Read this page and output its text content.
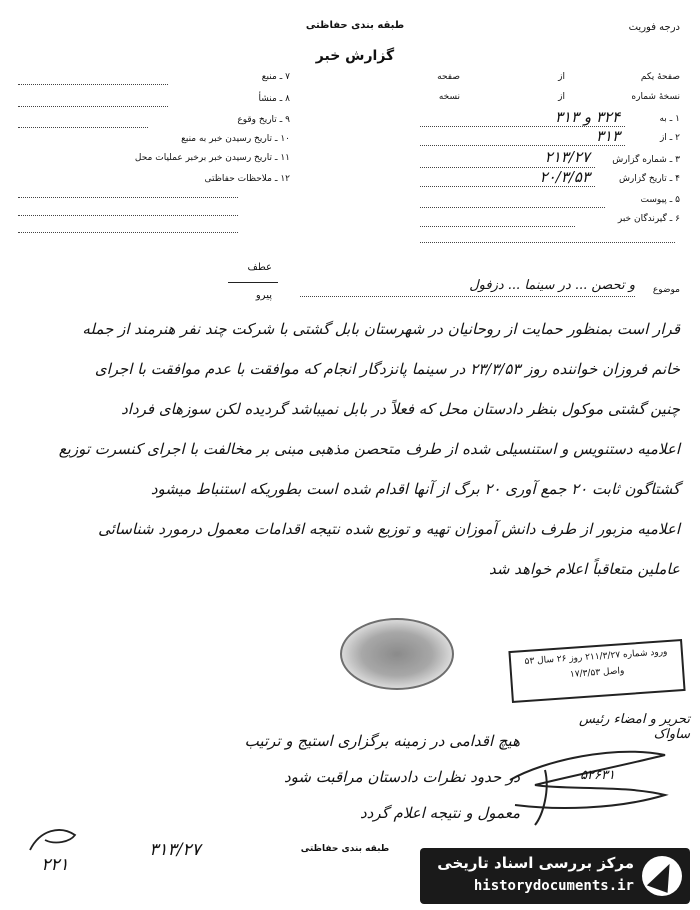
طبقه بندی حفاظتی	درجه فوریت
گزارش خبر
۷ ـ منبع
۸ ـ منشأ
۹ ـ تاریخ وقوع
۱۰ ـ تاریخ رسیدن خبر به منبع
۱۱ ـ تاریخ رسیدن خبر برخبر عملیات محل
۱۲ ـ ملاحظات حفاظتی
صفحهٔ یکم
از
صفحه
نسخهٔ شماره
از
نسخه
۱ ـ به
۳۲۴ و ۳۱۳
۲ ـ از
۳۱۳
۳ ـ شماره گزارش
۲۱۳/۲۷
۴ ـ تاریخ گزارش
۲۰/۳/۵۳
۵ ـ پیوست
۶ ـ گیرندگان خبر
موضوع
و تحصن ... در سینما ... دزفول
عطف
پیرو
قرار است بمنظور حمایت از روحانیان در شهرستان بابل گشتی با شرکت چند نفر هنرمند از جمله
خانم فروزان خواننده روز ۲۳/۳/۵۳ در سینما پانزدگار انجام که موافقت با عدم موافقت با اجرای
چنین گشتی موکول بنظر دادستان محل که فعلاً در بابل نمیباشد گردیده لکن سوزهای فرداد
اعلامیه دستنویس و استنسیلی شده از طرف متحصن مذهبی مبنی بر مخالفت با اجرای کنسرت توزیع
گشتاگون ثابت ۲۰ جمع آوری ۲۰ برگ از آنها اقدام شده است بطوریکه استنباط میشود
اعلامیه مزبور از طرف دانش آموزان تهیه و توزیع شده نتیجه اقدامات معمول درمورد شناسائی
عاملین متعاقباً اعلام خواهد شد
ورود شماره ۲۱۱/۳/۲۷ روز ۲۶ سال ۵۳
واصل ۱۷/۳/۵۳
تحریر و امضاء رئیس ساواک
۵۲۶۳۱
هیچ اقدامی در زمینه برگزاری استیج و ترتیب
در حدود نظرات دادستان مراقبت شود
معمول و نتیجه اعلام گردد
۳۱۳/۲۷
۲۲۱
طبقه بندی حفاظتی
مرکز بررسی اسناد تاریخی
historydocuments.ir
